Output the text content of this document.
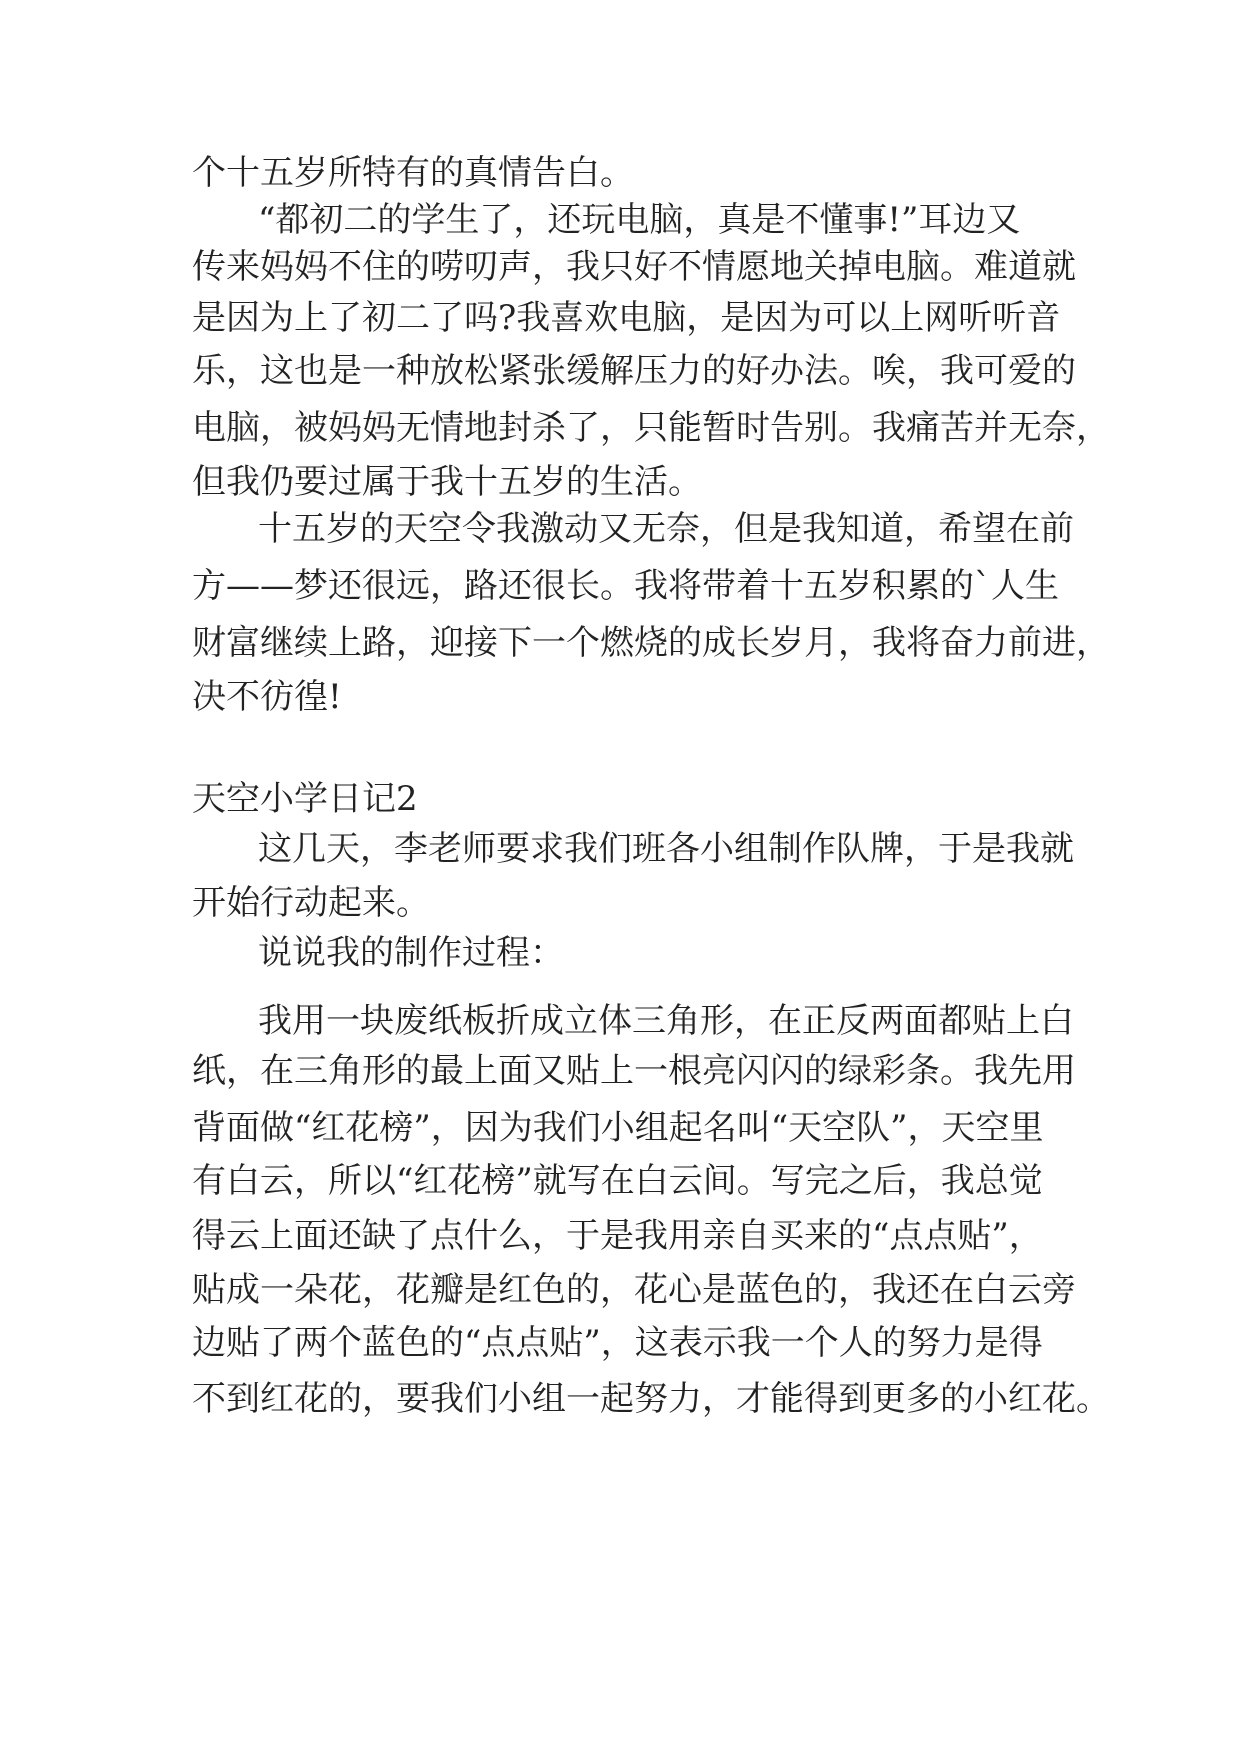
个十五岁所特有的真情告白。
“都初二的学生了，还玩电脑，真是不懂事!”耳边又
传来妈妈不住的唠叨声，我只好不情愿地关掉电脑。难道就
是因为上了初二了吗?我喜欢电脑，是因为可以上网听听音
乐，这也是一种放松紧张缓解压力的好办法。唉，我可爱的
电脑，被妈妈无情地封杀了，只能暂时告别。我痛苦并无奈，
但我仍要过属于我十五岁的生活。
十五岁的天空令我激动又无奈，但是我知道，希望在前
方——梦还很远，路还很长。我将带着十五岁积累的`人生
财富继续上路，迎接下一个燃烧的成长岁月，我将奋力前进，
决不彷徨!
天空小学日记2
这几天，李老师要求我们班各小组制作队牌，于是我就
开始行动起来。
说说我的制作过程：
我用一块废纸板折成立体三角形，在正反两面都贴上白
纸，在三角形的最上面又贴上一根亮闪闪的绿彩条。我先用
背面做“红花榜”，因为我们小组起名叫“天空队”，天空里
有白云，所以“红花榜”就写在白云间。写完之后，我总觉
得云上面还缺了点什么，于是我用亲自买来的“点点贴”，
贴成一朵花，花瓣是红色的，花心是蓝色的，我还在白云旁
边贴了两个蓝色的“点点贴”，这表示我一个人的努力是得
不到红花的，要我们小组一起努力，才能得到更多的小红花。
